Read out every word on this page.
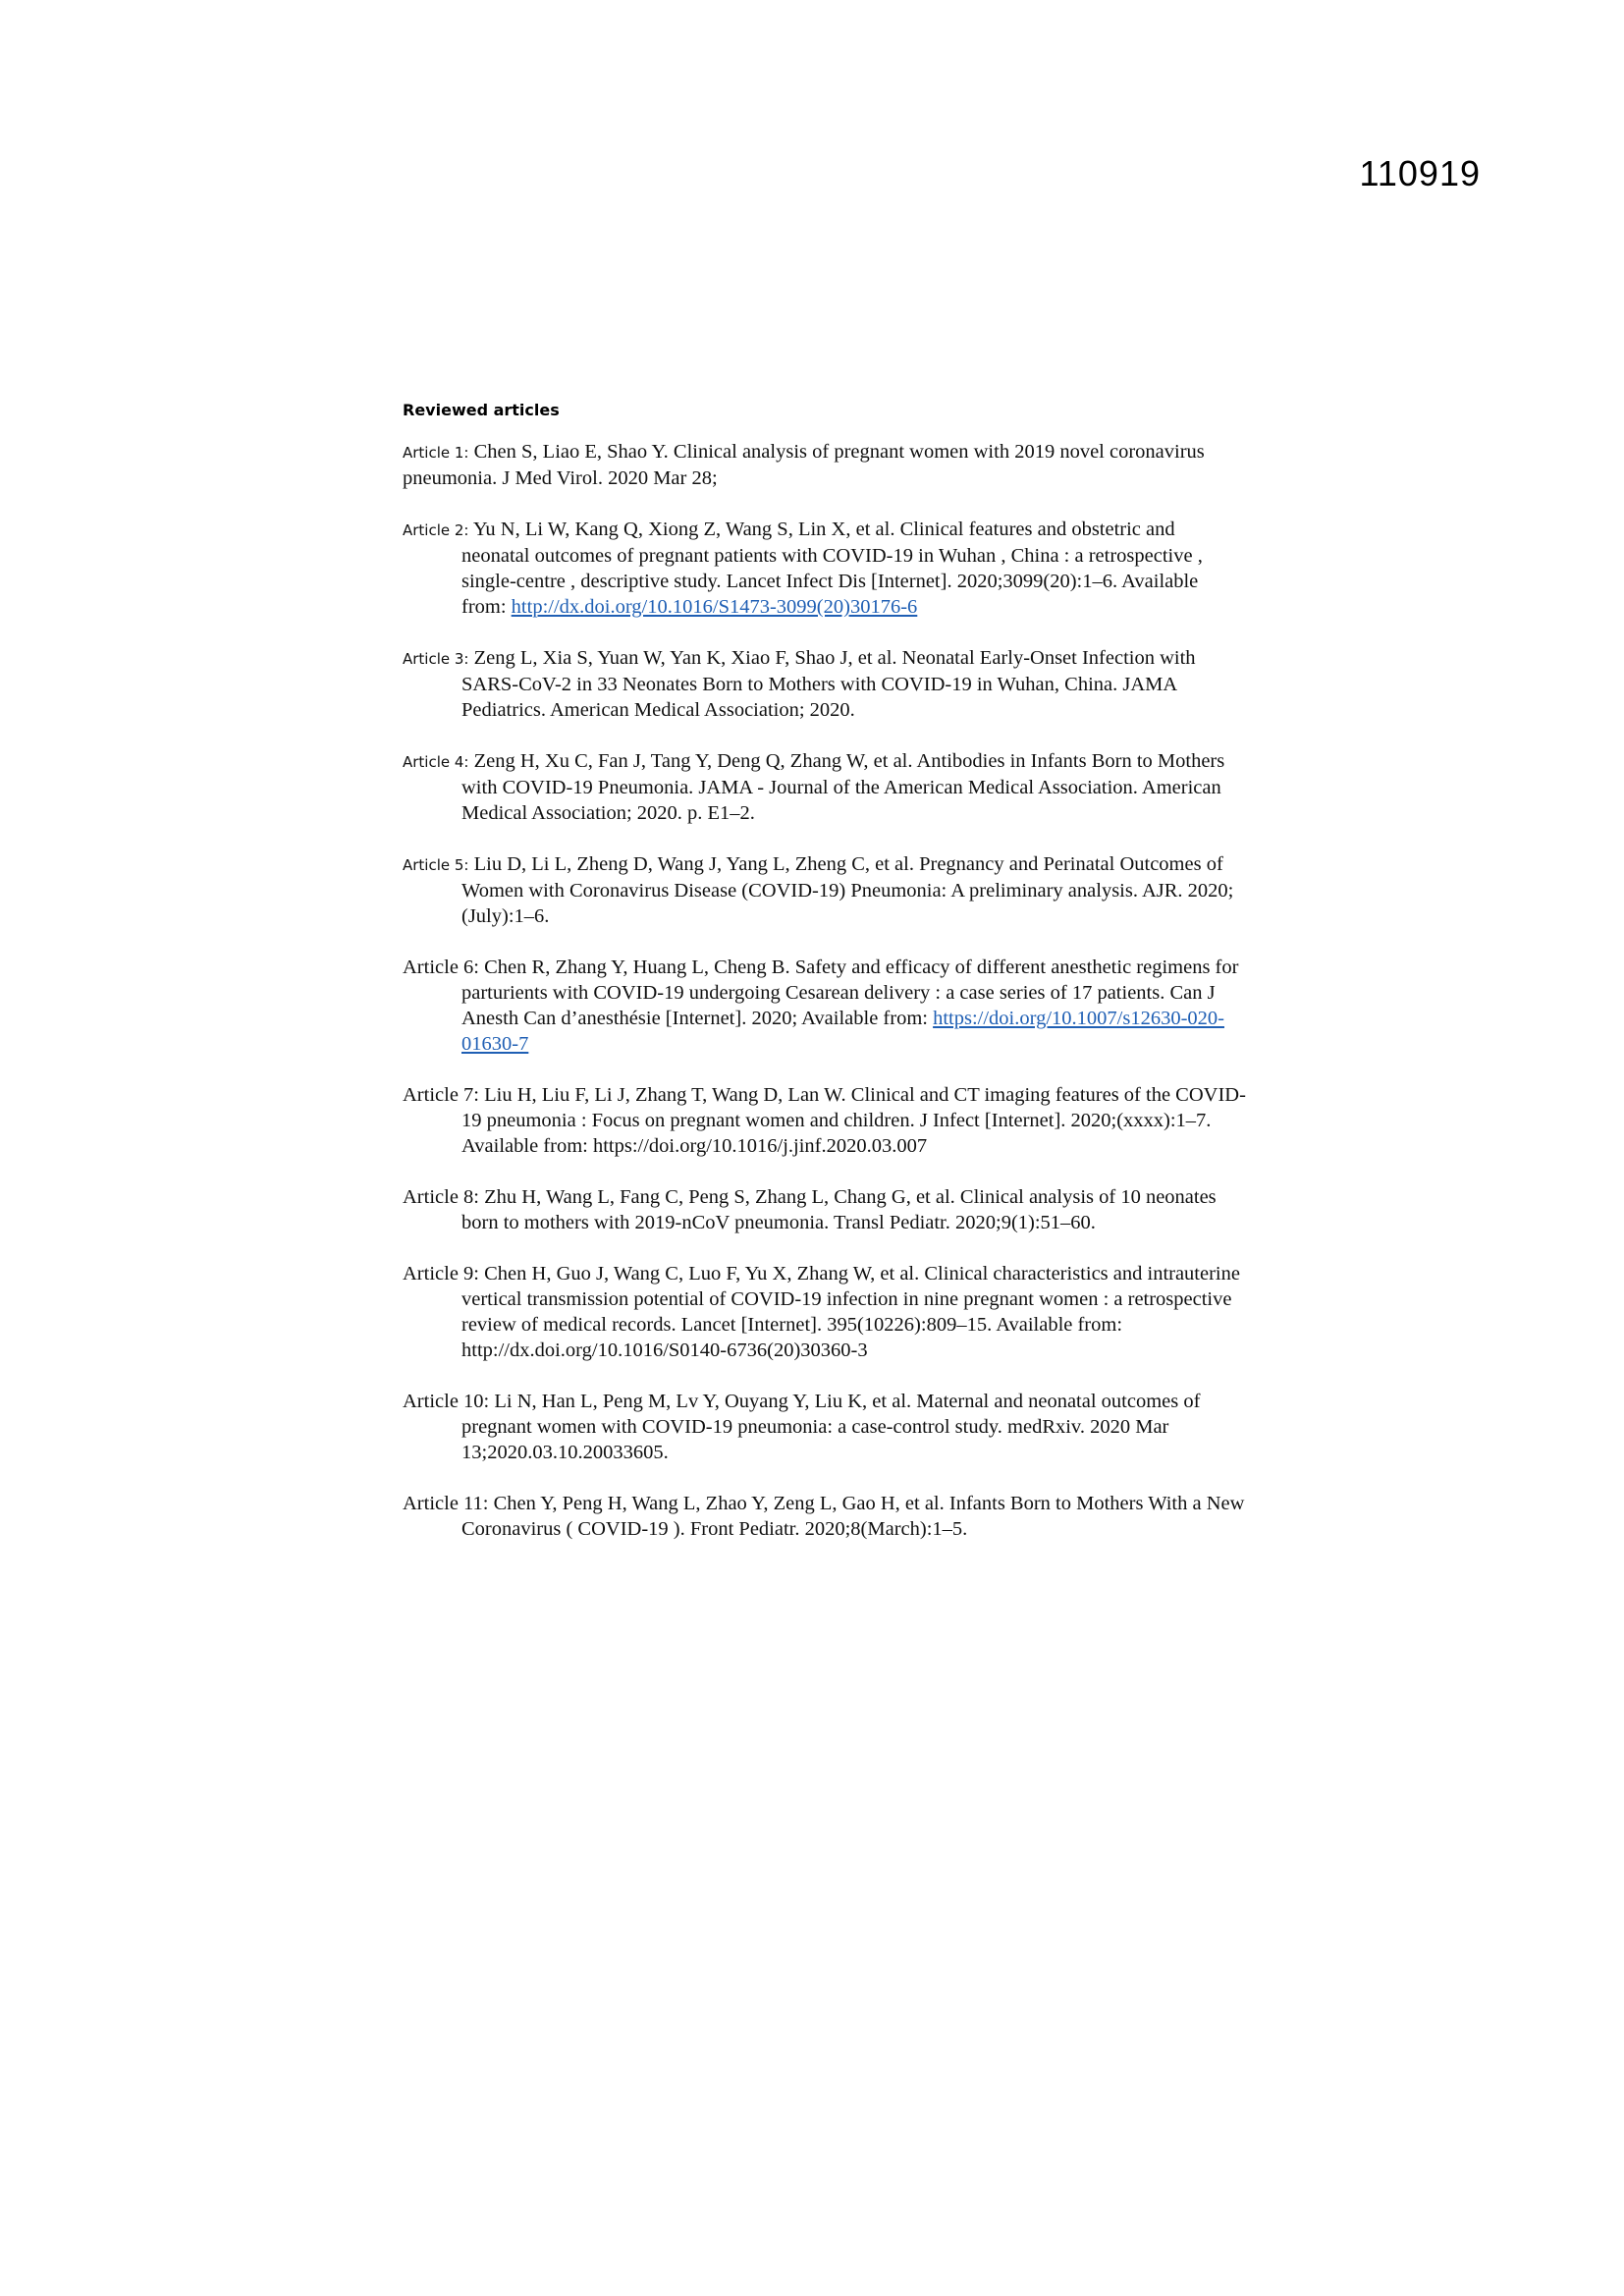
110919
Reviewed articles

Article 1: Chen S, Liao E, Shao Y. Clinical analysis of pregnant women with 2019 novel coronavirus pneumonia. J Med Virol. 2020 Mar 28;

Article 2: Yu N, Li W, Kang Q, Xiong Z, Wang S, Lin X, et al. Clinical features and obstetric and neonatal outcomes of pregnant patients with COVID-19 in Wuhan , China : a retrospective , single-centre , descriptive study. Lancet Infect Dis [Internet]. 2020;3099(20):1–6. Available from: http://dx.doi.org/10.1016/S1473-3099(20)30176-6

Article 3: Zeng L, Xia S, Yuan W, Yan K, Xiao F, Shao J, et al. Neonatal Early-Onset Infection with SARS-CoV-2 in 33 Neonates Born to Mothers with COVID-19 in Wuhan, China. JAMA Pediatrics. American Medical Association; 2020.

Article 4: Zeng H, Xu C, Fan J, Tang Y, Deng Q, Zhang W, et al. Antibodies in Infants Born to Mothers with COVID-19 Pneumonia. JAMA - Journal of the American Medical Association. American Medical Association; 2020. p. E1–2.

Article 5: Liu D, Li L, Zheng D, Wang J, Yang L, Zheng C, et al. Pregnancy and Perinatal Outcomes of Women with Coronavirus Disease (COVID-19) Pneumonia: A preliminary analysis. AJR. 2020;(July):1–6.

Article 6: Chen R, Zhang Y, Huang L, Cheng B. Safety and efficacy of different anesthetic regimens for parturients with COVID-19 undergoing Cesarean delivery : a case series of 17 patients. Can J Anesth Can d’anesthésie [Internet]. 2020; Available from: https://doi.org/10.1007/s12630-020-01630-7

Article 7: Liu H, Liu F, Li J, Zhang T, Wang D, Lan W. Clinical and CT imaging features of the COVID-19 pneumonia : Focus on pregnant women and children. J Infect [Internet]. 2020;(xxxx):1–7. Available from: https://doi.org/10.1016/j.jinf.2020.03.007

Article 8: Zhu H, Wang L, Fang C, Peng S, Zhang L, Chang G, et al. Clinical analysis of 10 neonates born to mothers with 2019-nCoV pneumonia. Transl Pediatr. 2020;9(1):51–60.

Article 9: Chen H, Guo J, Wang C, Luo F, Yu X, Zhang W, et al. Clinical characteristics and intrauterine vertical transmission potential of COVID-19 infection in nine pregnant women : a retrospective review of medical records. Lancet [Internet]. 395(10226):809–15. Available from: http://dx.doi.org/10.1016/S0140-6736(20)30360-3

Article 10: Li N, Han L, Peng M, Lv Y, Ouyang Y, Liu K, et al. Maternal and neonatal outcomes of pregnant women with COVID-19 pneumonia: a case-control study. medRxiv. 2020 Mar 13;2020.03.10.20033605.

Article 11: Chen Y, Peng H, Wang L, Zhao Y, Zeng L, Gao H, et al. Infants Born to Mothers With a New Coronavirus ( COVID-19 ). Front Pediatr. 2020;8(March):1–5.
